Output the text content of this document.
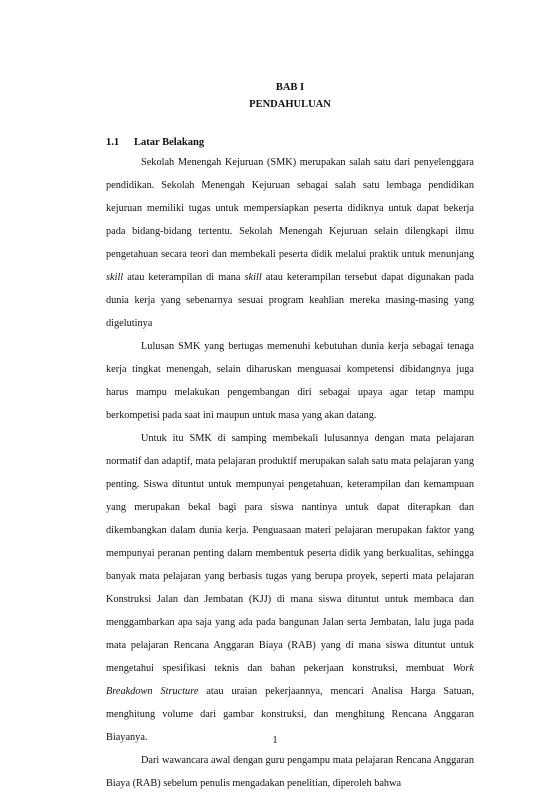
BAB I
PENDAHULUAN
1.1 Latar Belakang

Sekolah Menengah Kejuruan (SMK) merupakan salah satu dari penyelenggara pendidikan. Sekolah Menengah Kejuruan sebagai salah satu lembaga pendidikan kejuruan memiliki tugas untuk mempersiapkan peserta didiknya untuk dapat bekerja pada bidang-bidang tertentu. Sekolah Menengah Kejuruan selain dilengkapi ilmu pengetahuan secara teori dan membekali peserta didik melalui praktik untuk menunjang skill atau keterampilan di mana skill atau keterampilan tersebut dapat digunakan pada dunia kerja yang sebenarnya sesuai program keahlian mereka masing-masing yang digelutinya

Lulusan SMK yang bertugas memenuhi kebutuhan dunia kerja sebagai tenaga kerja tingkat menengah, selain diharuskan menguasai kompetensi dibidangnya juga harus mampu melakukan pengembangan diri sebagai upaya agar tetap mampu berkompetisi pada saat ini maupun untuk masa yang akan datang.

Untuk itu SMK di samping membekali lulusannya dengan mata pelajaran normatif dan adaptif, mata pelajaran produktif merupakan salah satu mata pelajaran yang penting. Siswa dituntut untuk mempunyai pengetahuan, keterampilan dan kemampuan yang merupakan bekal bagi para siswa nantinya untuk dapat diterapkan dan dikembangkan dalam dunia kerja. Penguasaan materi pelajaran merupakan faktor yang mempunyai peranan penting dalam membentuk peserta didik yang berkualitas, sehingga banyak mata pelajaran yang berbasis tugas yang berupa proyek, seperti mata pelajaran Konstruksi Jalan dan Jembatan (KJJ) di mana siswa dituntut untuk membaca dan menggambarkan apa saja yang ada pada bangunan Jalan serta Jembatan, lalu juga pada mata pelajaran Rencana Anggaran Biaya (RAB) yang di mana siswa dituntut untuk mengetahui spesifikasi teknis dan bahan pekerjaan konstruksi, membuat Work Breakdown Structure atau uraian pekerjaannya, mencari Analisa Harga Satuan, menghitung volume dari gambar konstruksi, dan menghitung Rencana Anggaran Biayanya.

Dari wawancara awal dengan guru pengampu mata pelajaran Rencana Anggaran Biaya (RAB) sebelum penulis mengadakan penelitian, diperoleh bahwa

1
